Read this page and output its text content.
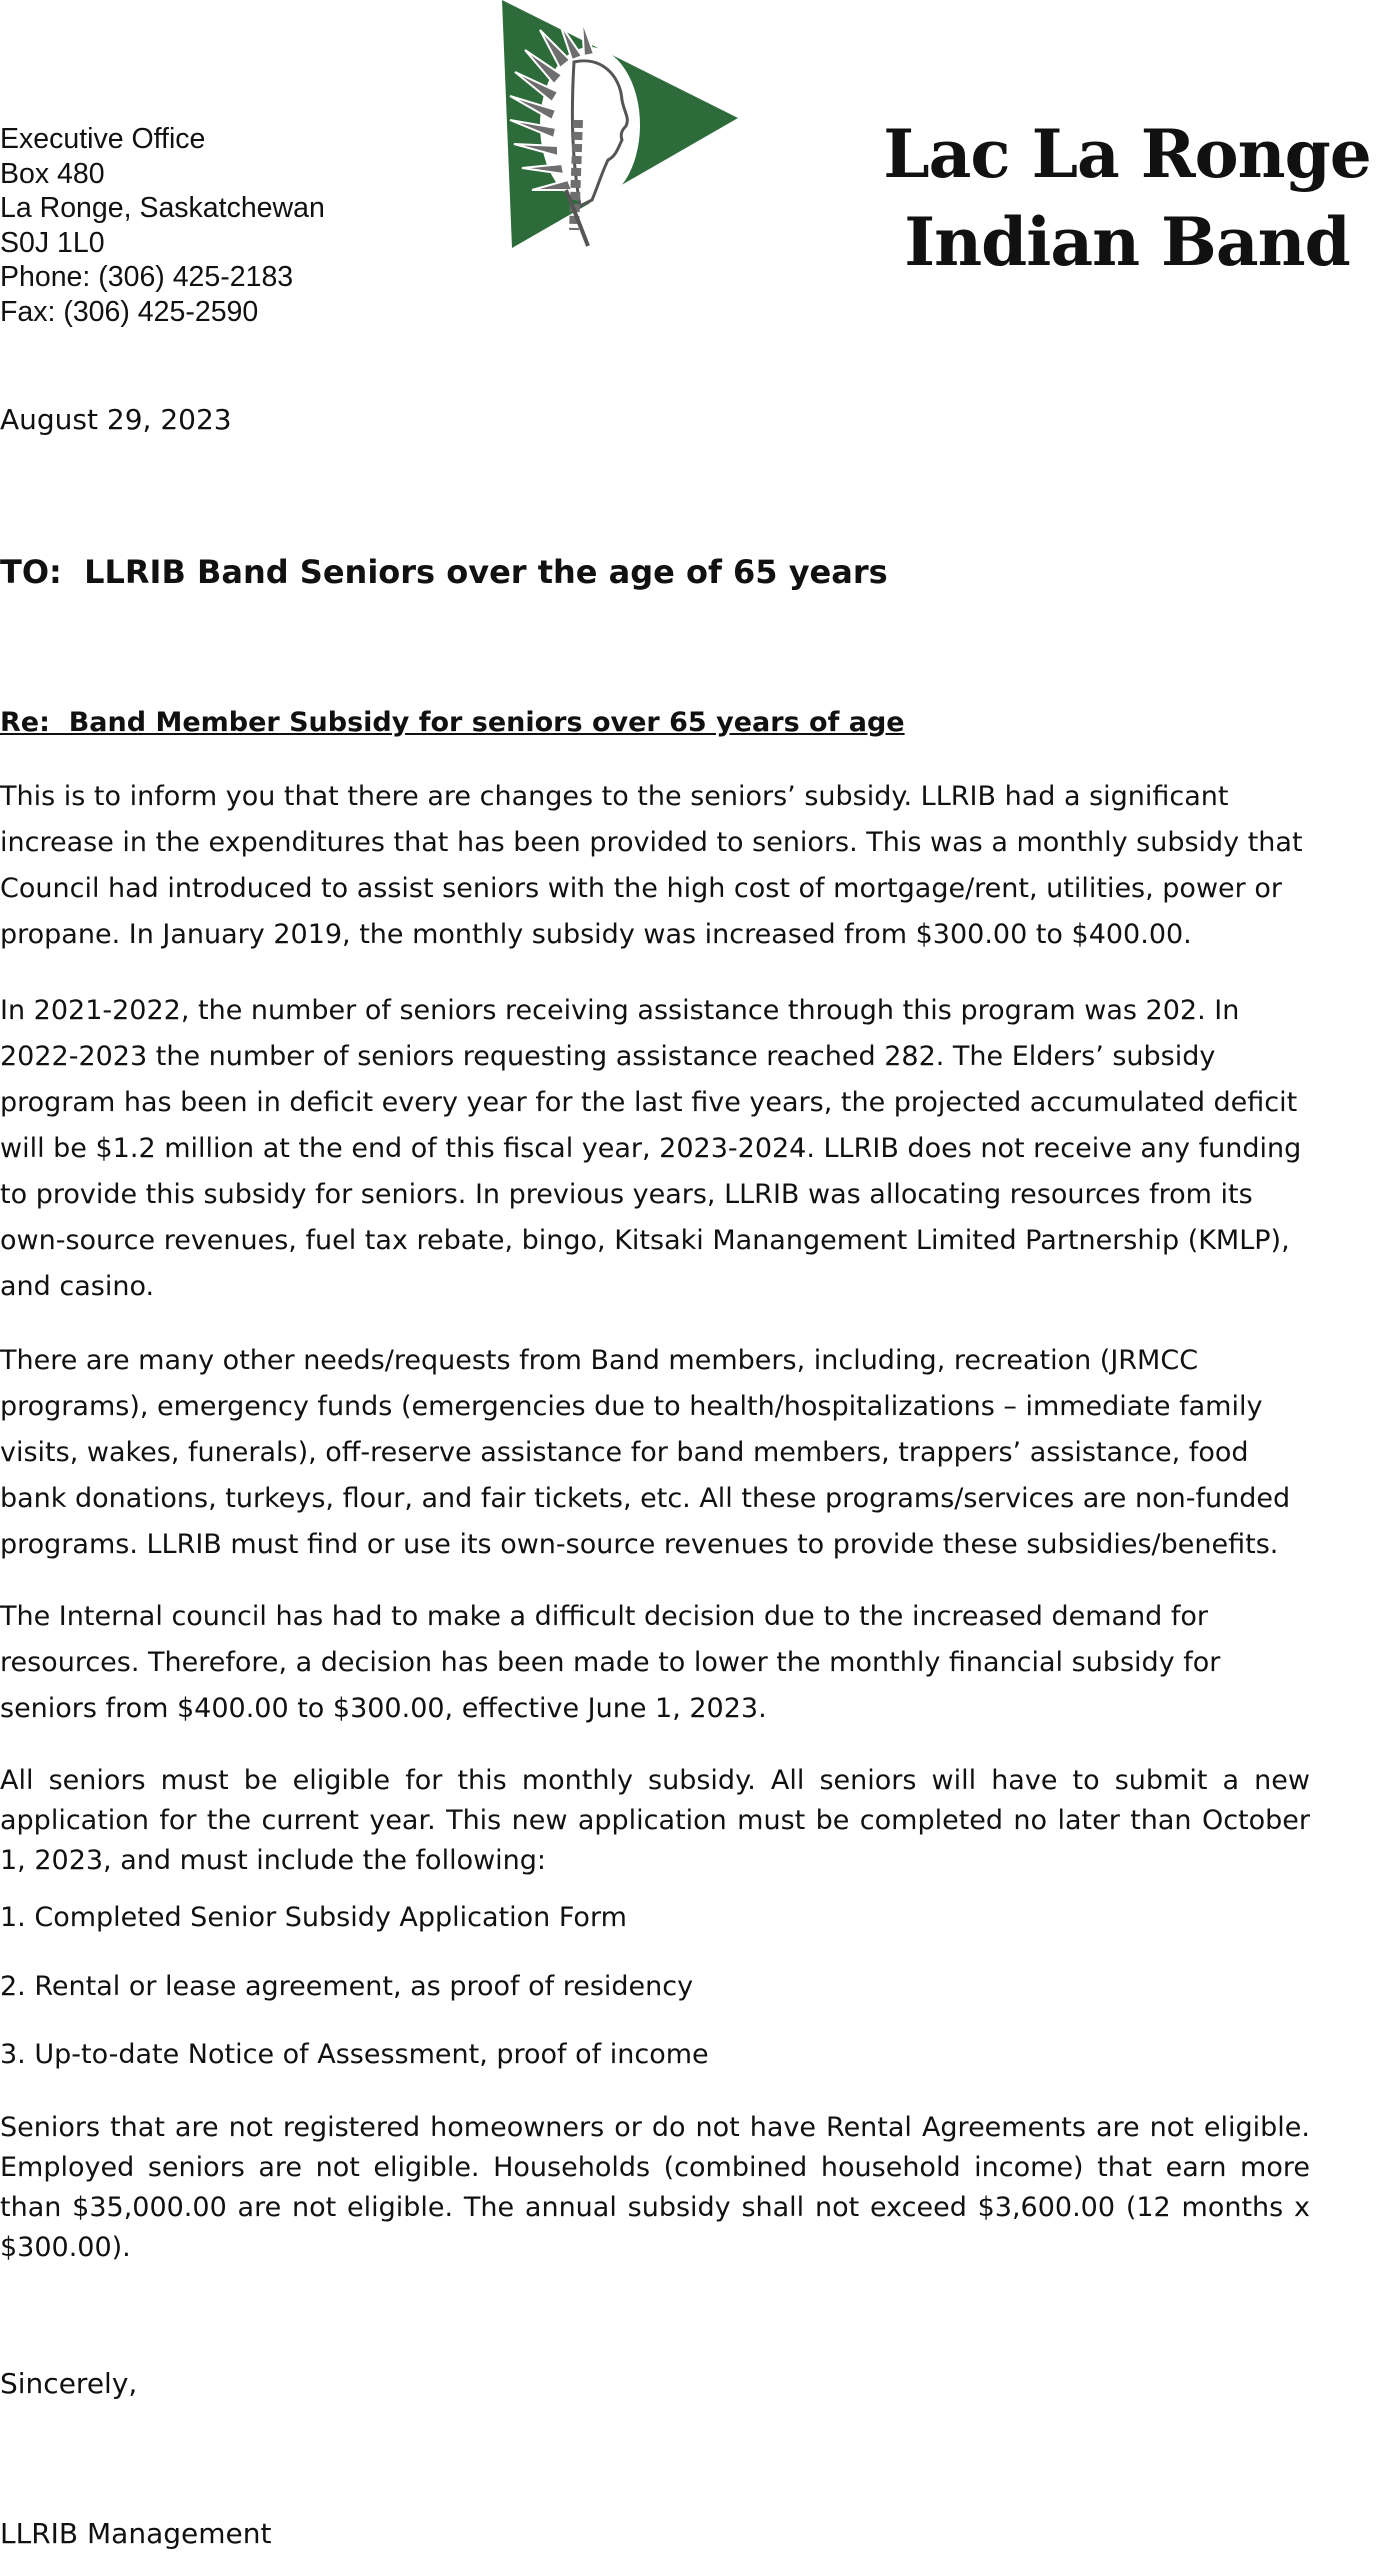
Executive Office
Box 480
La Ronge, Saskatchewan
S0J 1L0
Phone: (306) 425-2183
Fax: (306) 425-2590
Lac La Ronge
Indian Band
August 29, 2023
TO:  LLRIB Band Seniors over the age of 65 years
Re:  Band Member Subsidy for seniors over 65 years of age

This is to inform you that there are changes to the seniors’ subsidy. LLRIB had a significant increase in the expenditures that has been provided to seniors. This was a monthly subsidy that Council had introduced to assist seniors with the high cost of mortgage/rent, utilities, power or propane. In January 2019, the monthly subsidy was increased from $300.00 to $400.00.

In 2021-2022, the number of seniors receiving assistance through this program was 202. In 2022-2023 the number of seniors requesting assistance reached 282. The Elders’ subsidy program has been in deficit every year for the last five years, the projected accumulated deficit will be $1.2 million at the end of this fiscal year, 2023-2024. LLRIB does not receive any funding to provide this subsidy for seniors. In previous years, LLRIB was allocating resources from its own-source revenues, fuel tax rebate, bingo, Kitsaki Manangement Limited Partnership (KMLP), and casino.

There are many other needs/requests from Band members, including, recreation (JRMCC programs), emergency funds (emergencies due to health/hospitalizations – immediate family visits, wakes, funerals), off-reserve assistance for band members, trappers’ assistance, food bank donations, turkeys, flour, and fair tickets, etc. All these programs/services are non-funded programs. LLRIB must find or use its own-source revenues to provide these subsidies/benefits.

The Internal council has had to make a difficult decision due to the increased demand for resources. Therefore, a decision has been made to lower the monthly financial subsidy for seniors from $400.00 to $300.00, effective June 1, 2023.

All seniors must be eligible for this monthly subsidy. All seniors will have to submit a new application for the current year. This new application must be completed no later than October 1, 2023, and must include the following:

1. Completed Senior Subsidy Application Form
2. Rental or lease agreement, as proof of residency
3. Up-to-date Notice of Assessment, proof of income

Seniors that are not registered homeowners or do not have Rental Agreements are not eligible. Employed seniors are not eligible. Households (combined household income) that earn more than $35,000.00 are not eligible. The annual subsidy shall not exceed $3,600.00 (12 months x $300.00).

Sincerely,
LLRIB Management
